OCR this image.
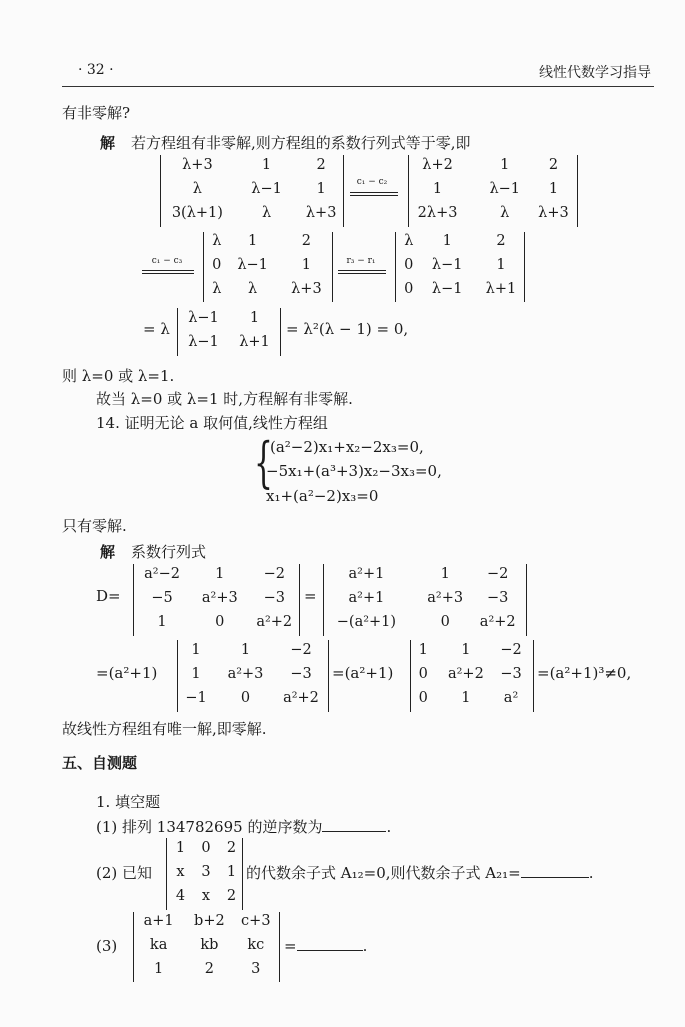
· 32 ·	线性代数学习指导
有非零解?
解 若方程组有非零解,则方程组的系数行列式等于零,即
λ+3	1	2
λ	λ−1 1
3(λ+1)	λ λ+3
c₁ − c₂
λ+2	1	2
1	λ−1 1
2λ+3	λ λ+3
c₁ − c₃
λ 1	2
0 λ−1 1
λ λ λ+3
r₃ − r₁
λ 1	2
0 λ−1 1
0 λ−1 λ+1
= λ
λ−1 1
λ−1 λ+1
= λ²(λ − 1) = 0,
则 λ=0 或 λ=1.
故当 λ=0 或 λ=1 时,方程解有非零解.
14. 证明无论 a 取何值,线性方程组
{
(a²−2)x₁+x₂−2x₃=0,
−5x₁+(a³+3)x₂−3x₃=0,
x₁+(a²−2)x₃=0
只有零解.
解 系数行列式
D=
a²−2 1	−2
−5 a²+3 −3
1	0 a²+2
=
a²+1	1	−2
a²+1	a²+3 −3
−(a²+1)	0 a²+2
=(a²+1)
1	1	−2
1 a²+3 −3
−1 0 a²+2
=(a²+1)
1 1 −2
0 a²+2 −3
0 1 a²
=(a²+1)³≠0,
故线性方程组有唯一解,即零解.
五、自测题
1. 填空题
(1) 排列 134782695 的逆序数为	.
(2) 已知
1 0 2
x 3 1
4 x 2
的代数余子式 A₁₂=0,则代数余子式 A₂₁=	.
(3)
a+1 b+2 c+3
ka kb kc
1	2	3
=	.
